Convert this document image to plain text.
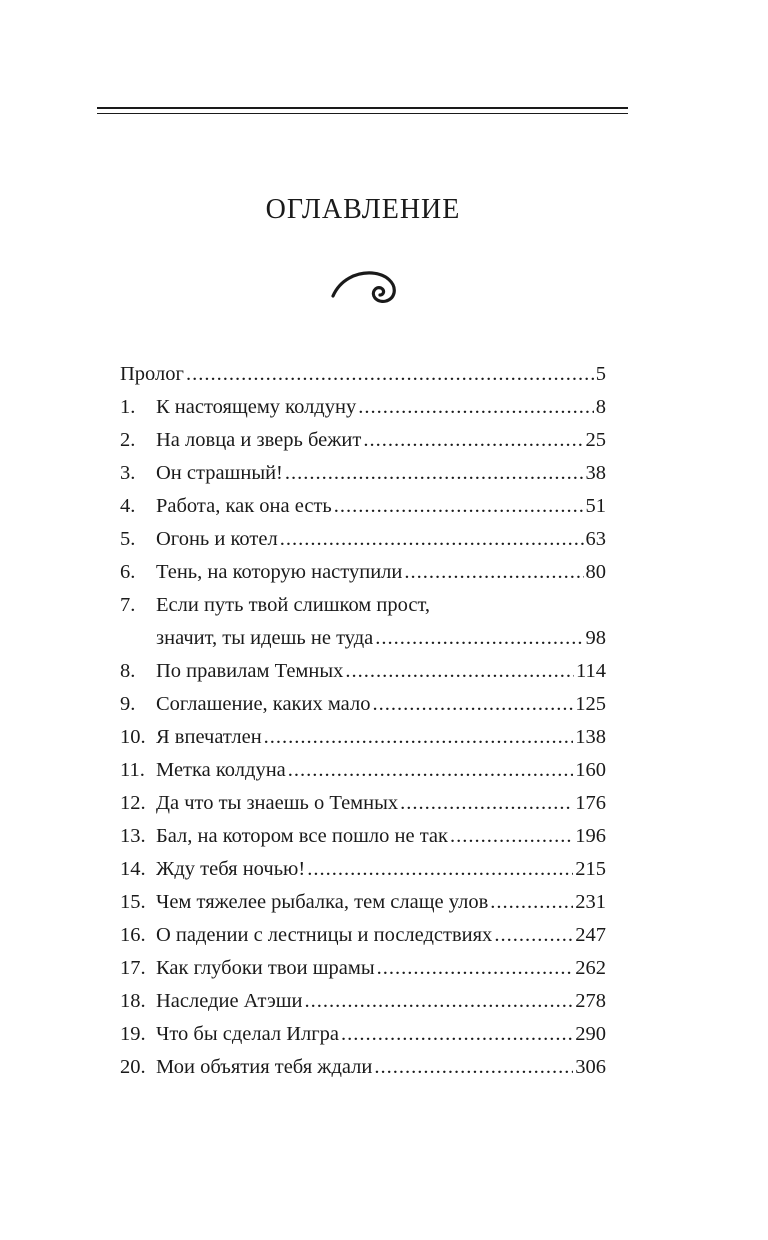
ОГЛАВЛЕНИЕ
Пролог .....	5
1.	К настоящему колдуну .....	8
2.	На ловца и зверь бежит .....	25
3.	Он страшный! .....	38
4.	Работа, как она есть .....	51
5.	Огонь и котел .....	63
6.	Тень, на которую наступили .....	80
7.	Если путь твой слишком прост,
значит, ты идешь не туда .....	98
8.	По правилам Темных .....	114
9.	Соглашение, каких мало .....	125
10. Я впечатлен .....	138
11. Метка колдуна .....	160
12. Да что ты знаешь о Темных .....	176
13. Бал, на котором все пошло не так .....	196
14. Жду тебя ночью! .....	215
15. Чем тяжелее рыбалка, тем слаще улов .....	231
16. О падении с лестницы и последствиях .....	247
17. Как глубоки твои шрамы .....	262
18. Наследие Атэши .....	278
19. Что бы сделал Илгра .....	290
20. Мои объятия тебя ждали .....	306
